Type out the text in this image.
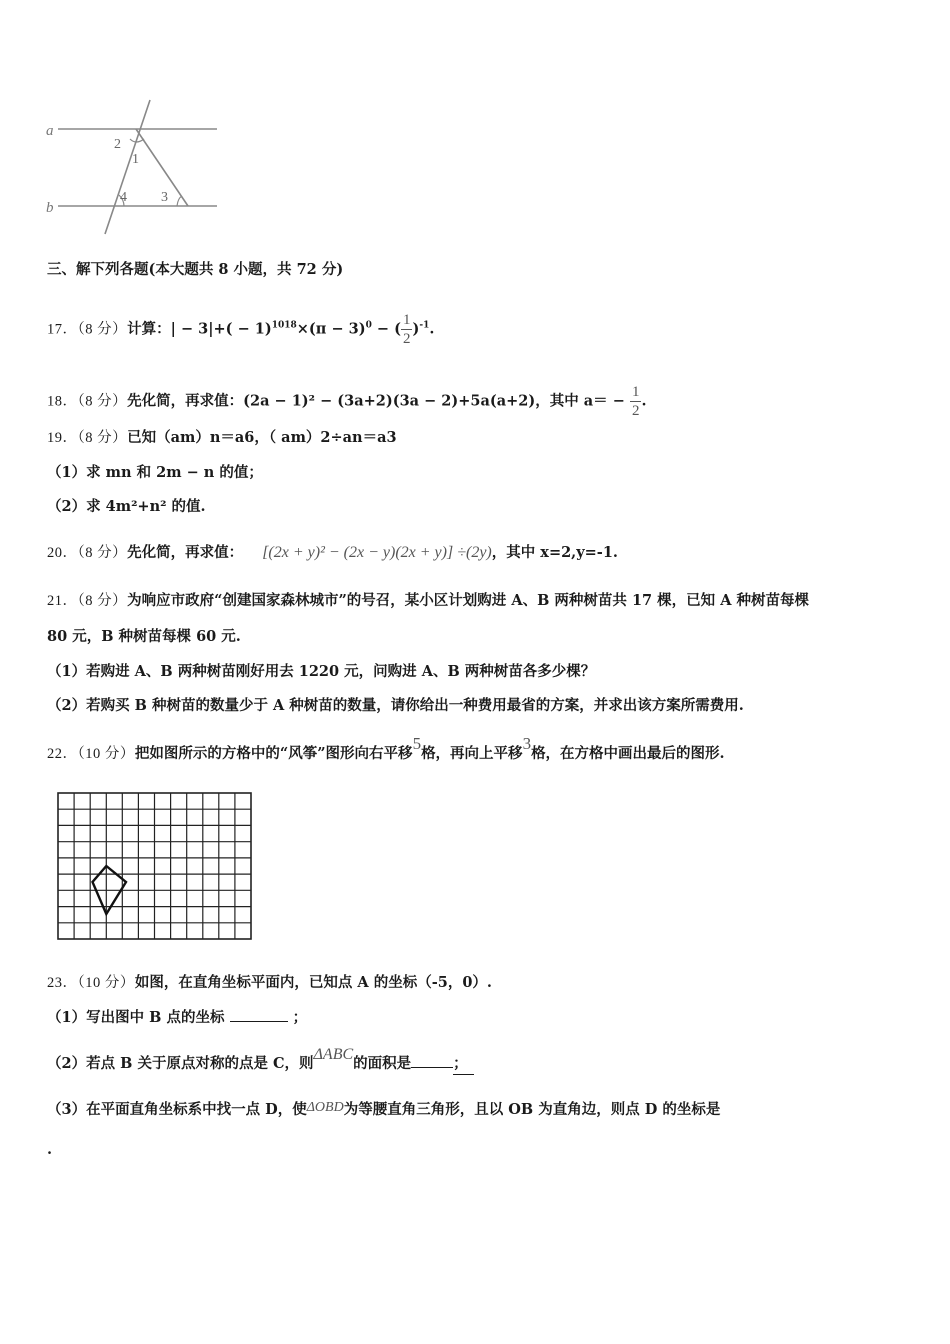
a
b
2
1
4 3
三、解下列各题(本大题共 8 小题，共 72 分)
17．（8 分）计算：| − $3|+( - 1)^{1018}\times(\pi - 3)^0$ − ( $\frac{1}{2} )^{-1}$.
18．（8 分）先化简，再求值：(2a − 1)² − (3a+2)(3a − 2)+5a(a+2)，其中 $a= - \frac{1}{2}$ .
19．（8 分）已知（am）n＝a6，（ am）2÷an＝a3
（1）求 mn 和 2m − n 的值；
（2）求 4m²+n² 的值.
20．（8 分）先化简，再求值： [(2x + y)² − (2x − y)(2x + y)] ÷(2y)，其中 x=2,y=-1.
21．（8 分）为响应市政府“创建国家森林城市”的号召，某小区计划购进 A、B 两种树苗共 17 棵，已知 A 种树苗每棵
80 元，B 种树苗每棵 60 元.
（1）若购进 A、B 两种树苗刚好用去 1220 元，问购进 A、B 两种树苗各多少棵？
（2）若购买 B 种树苗的数量少于 A 种树苗的数量，请你给出一种费用最省的方案，并求出该方案所需费用.
22．（10 分）把如图所示的方格中的“风筝”图形向右平移5格，再向上平移3格，在方格中画出最后的图形.
23．（10 分）如图，在直角坐标平面内，已知点 A 的坐标（-5，0）.
（1）写出图中 B 点的坐标	；
（2）若点 B 关于原点对称的点是 C，则ΔABC的面积是	；
（3）在平面直角坐标系中找一点 D，使ΔOBD为等腰直角三角形，且以 OB 为直角边，则点 D 的坐标是
.
